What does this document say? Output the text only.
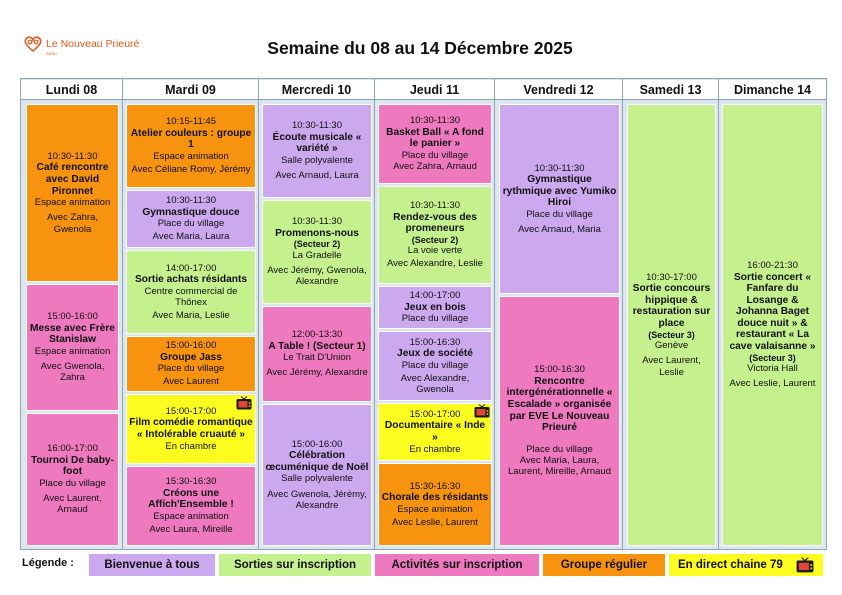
Le Nouveau Prieuré
SASU	Semaine du 08 au 14 Décembre 2025
Lundi 08	Mardi 09	Mercredi 10	Jeudi 11	Vendredi 12	Samedi 13	Dimanche 14
10:30-11:30
Café rencontre avec David Pironnet
Espace animation
Avec Zahra, Gwenola
15:00-16:00
Messe avec Frère Stanislaw
Espace animation
Avec Gwenola, Zahra
16:00-17:00
Tournoi De baby-foot
Place du village
Avec Laurent, Arnaud
10:15-11:45
Atelier couleurs : groupe 1
Espace animation
Avec Céliane Romy, Jérémy
10:30-11:30
Gymnastique douce
Place du village
Avec Maria, Laura
14:00-17:00
Sortie achats résidants
Centre commercial de Thônex
Avec Maria, Leslie
15:00-16:00
Groupe Jass
Place du village
Avec Laurent
15:00-17:00
Film comédie romantique « Intolérable cruauté »
En chambre
15:30-16:30
Créons une Affich'Ensemble !
Espace animation
Avec Laura, Mireille
10:30-11:30
Écoute musicale « variété »
Salle polyvalente
Avec Arnaud, Laura
10:30-11:30
Promenons-nous
(Secteur 2)
La Gradelle
Avec Jérémy, Gwenola, Alexandre
12:00-13:30
A Table ! (Secteur 1)
Le Trait D'Union
Avec Jérémy, Alexandre
15:00-16:00
Célébration œcuménique de Noël
Salle polyvalente
Avec Gwenola, Jérémy, Alexandre
10:30-11:30
Basket Ball « A fond le panier »
Place du village
Avec Zahra, Arnaud
10:30-11:30
Rendez-vous des promeneurs
(Secteur 2)
La voie verte
Avec Alexandre, Leslie
14:00-17:00
Jeux en bois
Place du village
15:00-16:30
Jeux de société
Place du village
Avec Alexandre, Gwenola
15:00-17:00
Documentaire « Inde »
En chambre
15:30-16:30
Chorale des résidants
Espace animation
Avec Leslie, Laurent
10:30-11:30
Gymnastique rythmique avec Yumiko Hiroi
Place du village
Avec Arnaud, Maria
15:00-16:30
Rencontre intergénérationnelle « Escalade » organisée par EVE Le Nouveau Prieuré
Place du village
Avec Maria, Laura, Laurent, Mireille, Arnaud
10:30-17:00
Sortie concours hippique & restauration sur place
(Secteur 3)
Genève
Avec Laurent, Leslie
16:00-21:30
Sortie concert « Fanfare du Losange & Johanna Baget douce nuit » & restaurant « La cave valaisanne »
(Secteur 3)
Victoria Hall
Avec Leslie, Laurent
Légende :	Bienvenue à tous	Sorties sur inscription	Activités sur inscription	Groupe régulier	En direct chaine 79
